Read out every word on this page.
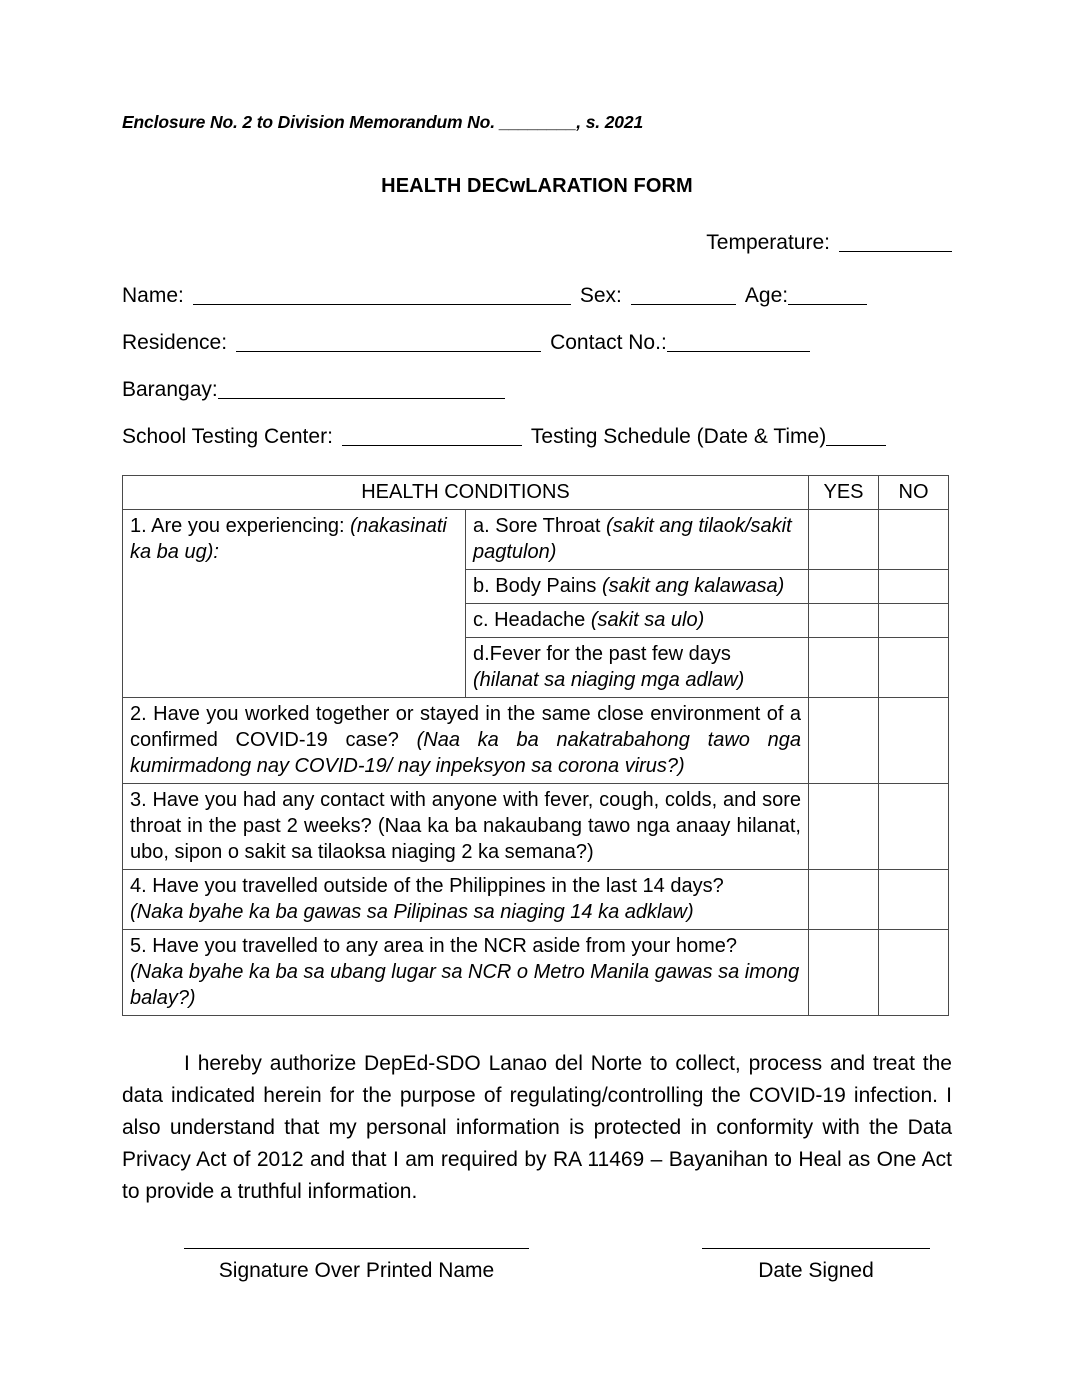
Enclosure No. 2 to Division Memorandum No. ________, s. 2021
HEALTH DECwLARATION FORM
Temperature:
Name:	Sex:	Age:
Residence:	Contact No.:
Barangay:
School Testing Center:	Testing Schedule (Date & Time)
HEALTH CONDITIONS		YES	NO
1. Are you experiencing: (nakasinati ka ba ug):	a. Sore Throat (sakit ang tilaok/sakit pagtulon)		
	b. Body Pains (sakit ang kalawasa)		
	c. Headache (sakit sa ulo)		

	d.Fever for the past few days
(hilanat sa niaging mga adlaw)		

2. Have you worked together or stayed in the same close environment of a confirmed COVID-19 case? (Naa ka ba nakatrabahong tawo nga kumirmadong nay COVID-19/ nay inpeksyon sa corona virus?)			
3. Have you had any contact with anyone with fever, cough, colds, and sore throat in the past 2 weeks? (Naa ka ba nakaubang tawo nga anaay hilanat, ubo, sipon o sakit sa tilaoksa niaging 2 ka semana?)			

4. Have you travelled outside of the Philippines in the last 14 days?
(Naka byahe ka ba gawas sa Pilipinas sa niaging 14 ka adklaw)			

5. Have you travelled to any area in the NCR aside from your home?
(Naka byahe ka ba sa ubang lugar sa NCR o Metro Manila gawas sa imong balay?)			

I hereby authorize DepEd-SDO Lanao del Norte to collect, process and treat the data indicated herein for the purpose of regulating/controlling the COVID-19 infection. I also understand that my personal information is protected in conformity with the Data Privacy Act of 2012 and that I am required by RA 11469 – Bayanihan to Heal as One Act to provide a truthful information.
Signature Over Printed Name	Date Signed
